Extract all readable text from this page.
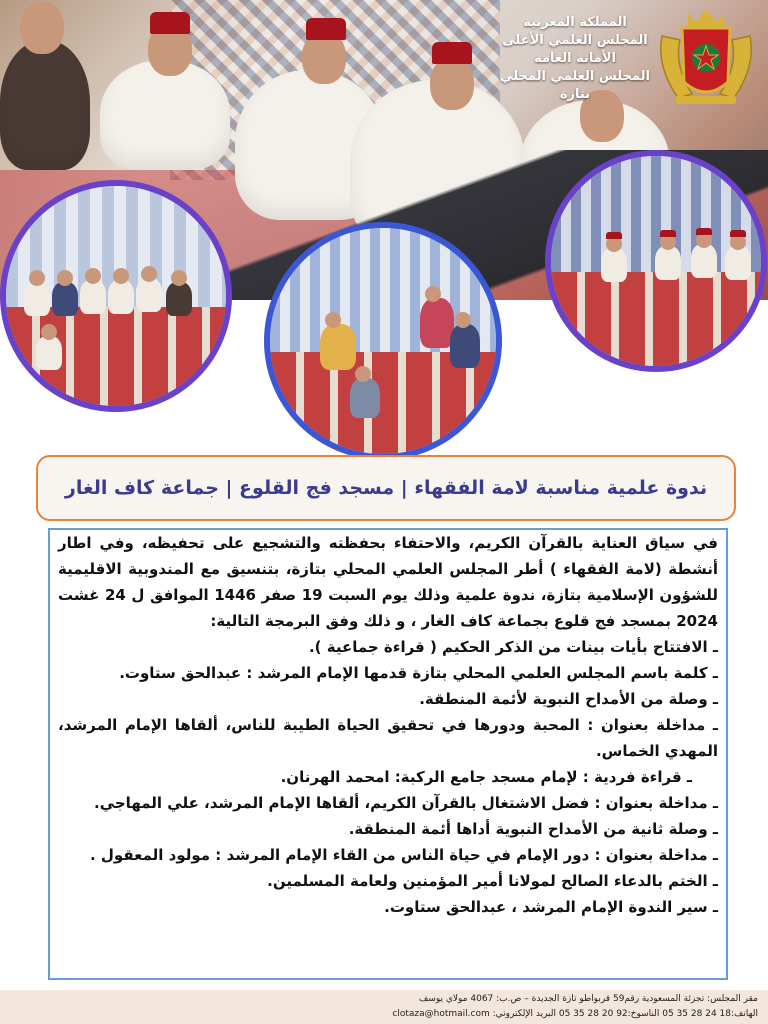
المملكة المغربية
المجلس العلمي الأعلى
الأمانة العامة
المجلس العلمي المحلي
بتازة
ندوة علمية مناسبة لامة الفقهاء | مسجد فج القلوع | جماعة كاف الغار

في سياق العناية بالقرآن الكريم، والاحتفاء بحفظته والتشجيع على تحفيظه، وفي اطار أنشطة (لامة الفقهاء ) أطر المجلس العلمي المحلي بتازة، بتنسيق مع المندوبية الاقليمية للشؤون الإسلامية بتازة، ندوة علمية وذلك يوم السبت 19 صفر 1446 الموافق ل 24 غشت 2024 بمسجد فج قلوع بجماعة كاف الغار ، و ذلك وفق البرمجة التالية:

ـ الافتتاح بأيات بينات من الذكر الحكيم ( قراءة جماعية ).

ـ كلمة باسم المجلس العلمي المحلي بتازة قدمها الإمام المرشد : عبدالحق ستاوت.

ـ وصلة من الأمداح النبوية لأئمة المنطقة.

ـ مداخلة بعنوان : المحبة ودورها في تحقيق الحياة الطيبة للناس، ألقاها الإمام المرشد، المهدي الخماس.

ـ قراءة فردية : لإمام مسجد جامع الركبة: امحمد الهرنان.

ـ مداخلة بعنوان : فضل الاشتغال بالقرآن الكريم، ألقاها الإمام المرشد، علي المهاجي.

ـ وصلة ثانية من الأمداح النبوية أداها أئمة المنطقة.

ـ مداخلة بعنوان : دور الإمام في حياة الناس من القاء الإمام المرشد : مولود المعقول .

ـ الختم بالدعاء الصالح لمولانا أمير المؤمنين ولعامة المسلمين.

ـ سير الندوة الإمام المرشد ، عبدالحق ستاوت.

مقر المجلس: تجزئة المسعودية رقم59 قربواطو تازة الجديدة – ص.ب: 4067 مولاي يوسف
الهاتف:18 24 28 35 05 الناسوخ:92 20 28 35 05 البريد الإلكتروني: clotaza@hotmail.com
